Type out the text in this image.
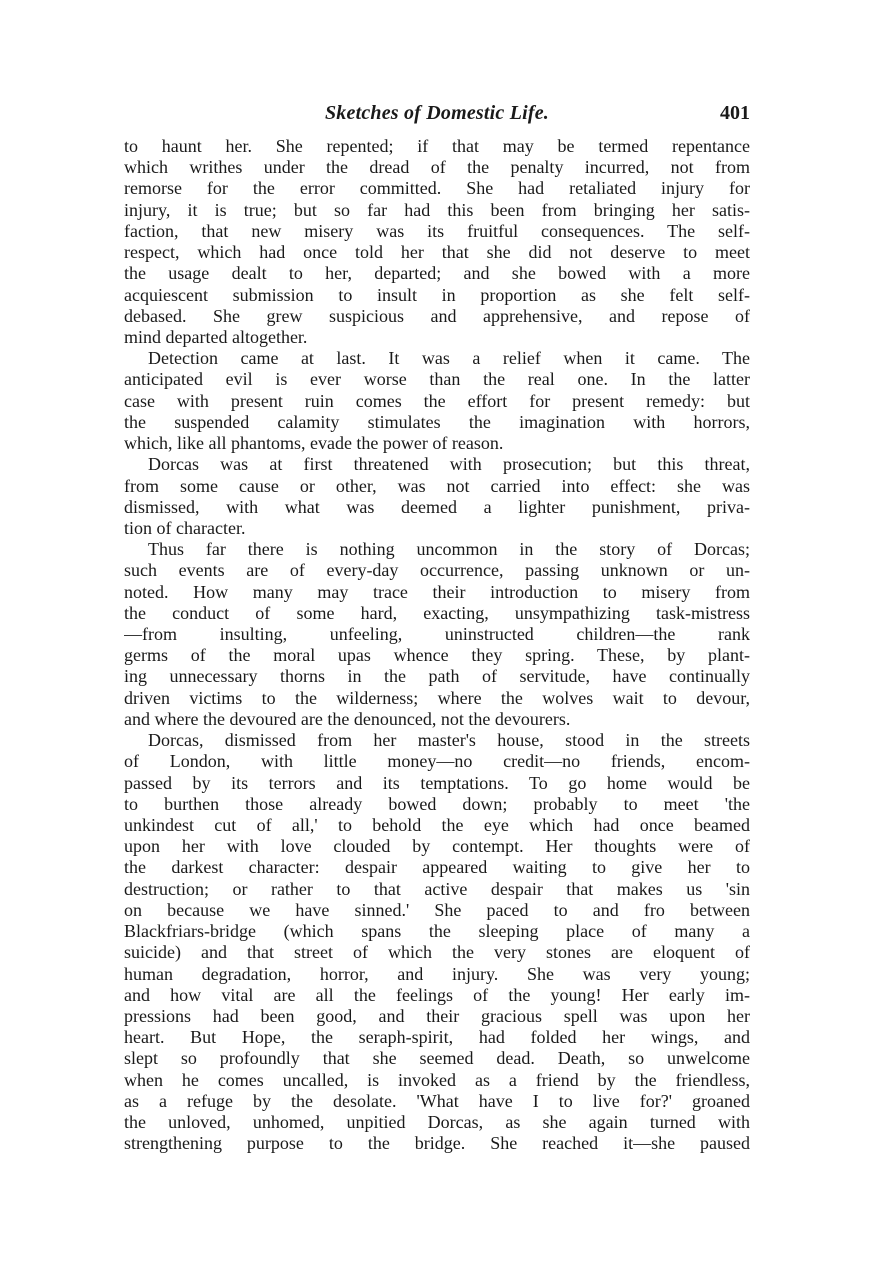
Sketches of Domestic Life.	401
to haunt her. She repented; if that may be termed repentance
which writhes under the dread of the penalty incurred, not from
remorse for the error committed. She had retaliated injury for
injury, it is true; but so far had this been from bringing her satis-
faction, that new misery was its fruitful consequences. The self-
respect, which had once told her that she did not deserve to meet
the usage dealt to her, departed; and she bowed with a more
acquiescent submission to insult in proportion as she felt self-
debased. She grew suspicious and apprehensive, and repose of
mind departed altogether.
Detection came at last. It was a relief when it came. The
anticipated evil is ever worse than the real one. In the latter
case with present ruin comes the effort for present remedy: but
the suspended calamity stimulates the imagination with horrors,
which, like all phantoms, evade the power of reason.
Dorcas was at first threatened with prosecution; but this threat,
from some cause or other, was not carried into effect: she was
dismissed, with what was deemed a lighter punishment, priva-
tion of character.
Thus far there is nothing uncommon in the story of Dorcas;
such events are of every-day occurrence, passing unknown or un-
noted. How many may trace their introduction to misery from
the conduct of some hard, exacting, unsympathizing task-mistress
—from insulting, unfeeling, uninstructed children—the rank
germs of the moral upas whence they spring. These, by plant-
ing unnecessary thorns in the path of servitude, have continually
driven victims to the wilderness; where the wolves wait to devour,
and where the devoured are the denounced, not the devourers.
Dorcas, dismissed from her master's house, stood in the streets
of London, with little money—no credit—no friends, encom-
passed by its terrors and its temptations. To go home would be
to burthen those already bowed down; probably to meet 'the
unkindest cut of all,' to behold the eye which had once beamed
upon her with love clouded by contempt. Her thoughts were of
the darkest character: despair appeared waiting to give her to
destruction; or rather to that active despair that makes us 'sin
on because we have sinned.' She paced to and fro between
Blackfriars-bridge (which spans the sleeping place of many a
suicide) and that street of which the very stones are eloquent of
human degradation, horror, and injury. She was very young;
and how vital are all the feelings of the young! Her early im-
pressions had been good, and their gracious spell was upon her
heart. But Hope, the seraph-spirit, had folded her wings, and
slept so profoundly that she seemed dead. Death, so unwelcome
when he comes uncalled, is invoked as a friend by the friendless,
as a refuge by the desolate. 'What have I to live for?' groaned
the unloved, unhomed, unpitied Dorcas, as she again turned with
strengthening purpose to the bridge. She reached it—she paused
